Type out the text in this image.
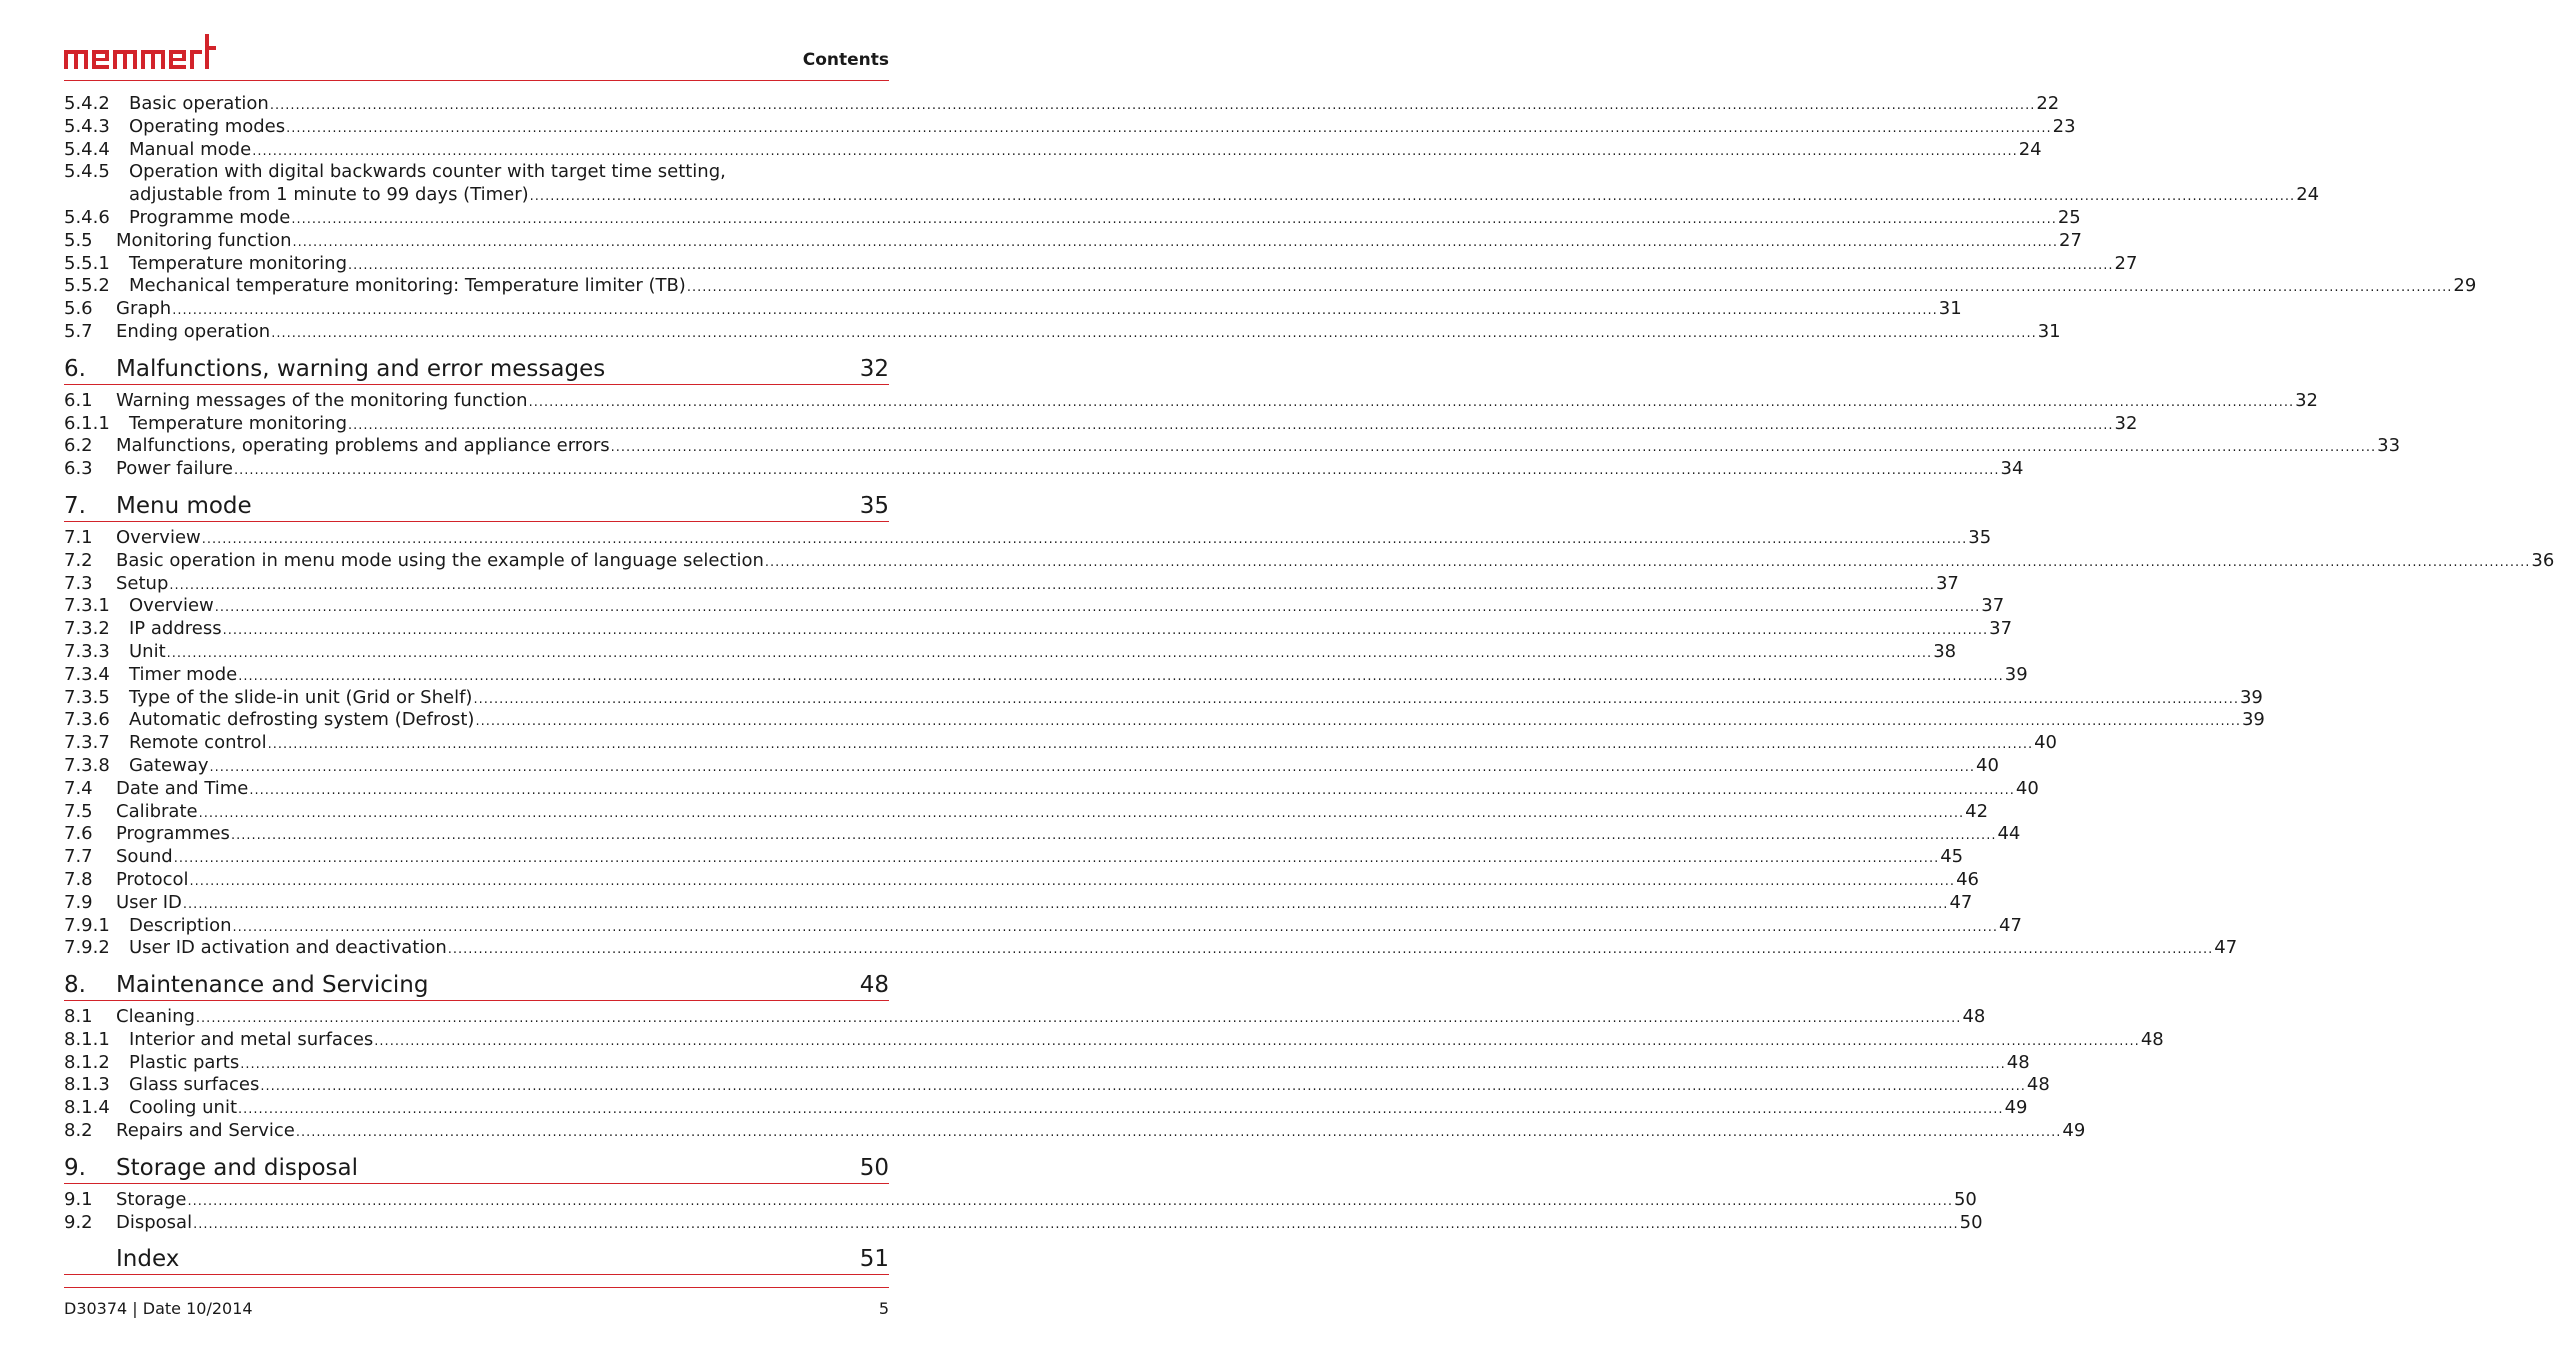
Contents
5.4.2	Basic operation .....	22
5.4.3	Operating modes .....	23
5.4.4	Manual mode .....	24
5.4.5	Operation with digital backwards counter with target time setting,
adjustable from 1 minute to 99 days (Timer) .....	24
5.4.6	Programme mode .....	25
5.5	Monitoring function .....	27
5.5.1	Temperature monitoring .....	27
5.5.2	Mechanical temperature monitoring: Temperature limiter (TB) .....	29
5.6	Graph .....	31
5.7	Ending operation .....	31
6.	Malfunctions, warning and error messages	32
6.1	Warning messages of the monitoring function .....	32
6.1.1	Temperature monitoring .....	32
6.2	Malfunctions, operating problems and appliance errors .....	33
6.3	Power failure .....	34
7.	Menu mode	35
7.1	Overview .....	35
7.2	Basic operation in menu mode using the example of language selection .....	36
7.3	Setup .....	37
7.3.1	Overview .....	37
7.3.2	IP address .....	37
7.3.3	Unit .....	38
7.3.4	Timer mode .....	39
7.3.5	Type of the slide-in unit (Grid or Shelf) .....	39
7.3.6	Automatic defrosting system (Defrost) .....	39
7.3.7	Remote control .....	40
7.3.8	Gateway .....	40
7.4	Date and Time .....	40
7.5	Calibrate .....	42
7.6	Programmes .....	44
7.7	Sound .....	45
7.8	Protocol .....	46
7.9	User ID .....	47
7.9.1	Description .....	47
7.9.2	User ID activation and deactivation .....	47
8.	Maintenance and Servicing	48
8.1	Cleaning .....	48
8.1.1	Interior and metal surfaces .....	48
8.1.2	Plastic parts .....	48
8.1.3	Glass surfaces .....	48
8.1.4	Cooling unit .....	49
8.2	Repairs and Service .....	49
9.	Storage and disposal	50
9.1	Storage .....	50
9.2	Disposal .....	50
Index	51
D30374 | Date 10/2014	5
